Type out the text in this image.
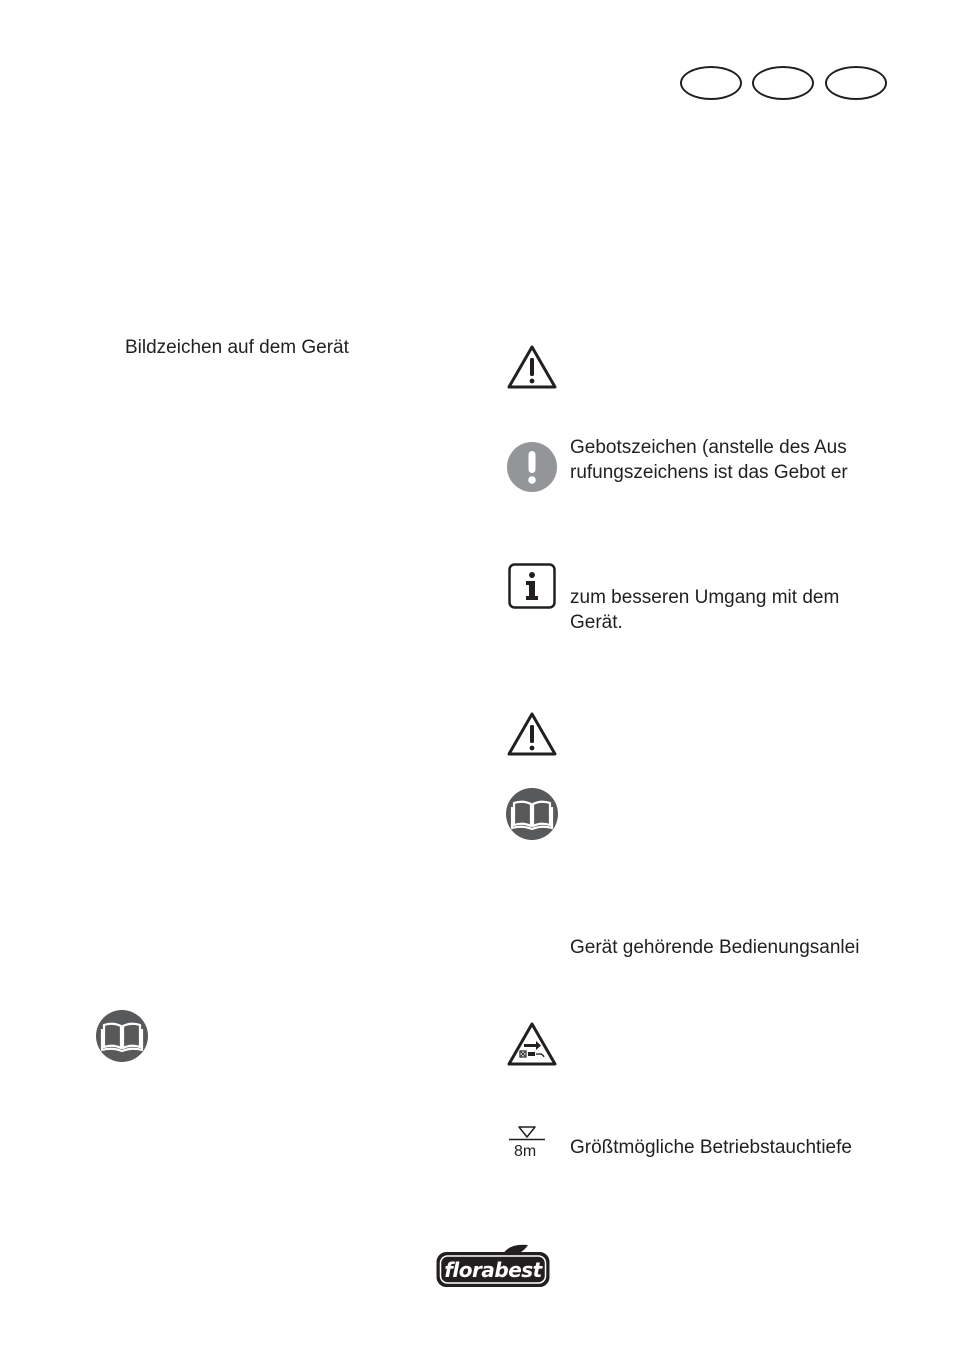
Bildzeichen auf dem Gerät
Gebotszeichen (anstelle des Aus
rufungszeichens ist das Gebot er
zum besseren Umgang mit dem
Gerät.
Gerät gehörende Bedienungsanlei
8m Größtmögliche Betriebstauchtiefe
florabest
